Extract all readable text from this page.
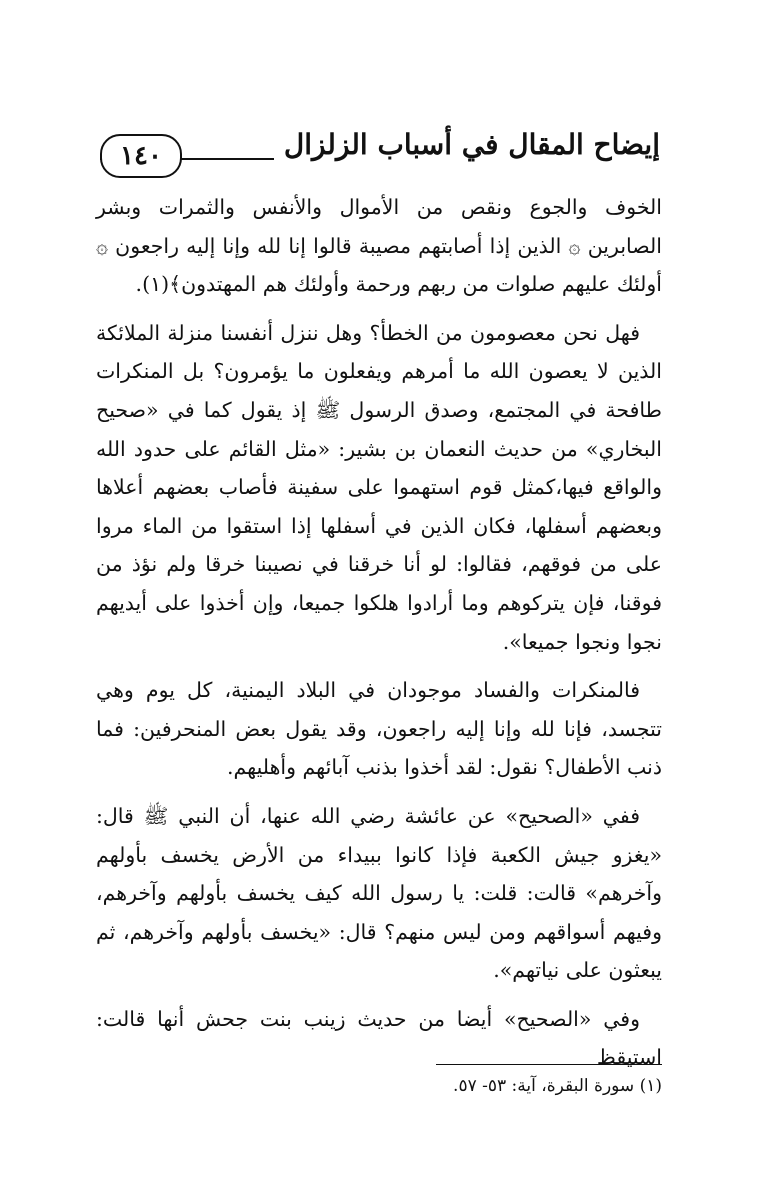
١٤٠	إيضاح المقال في أسباب الزلزال

الخوف والجوع ونقص من الأموال والأنفس والثمرات وبشر الصابرين ۞ الذين إذا أصابتهم مصيبة قالوا إنا لله وإنا إليه راجعون ۞ أولئك عليهم صلوات من ربهم ورحمة وأولئك هم المهتدون﴾(١).

فهل نحن معصومون من الخطأ؟ وهل ننزل أنفسنا منزلة الملائكة الذين لا يعصون الله ما أمرهم ويفعلون ما يؤمرون؟ بل المنكرات طافحة في المجتمع، وصدق الرسول ﷺ إذ يقول كما في «صحيح البخاري» من حديث النعمان بن بشير: «مثل القائم على حدود الله والواقع فيها،كمثل قوم استهموا على سفينة فأصاب بعضهم أعلاها وبعضهم أسفلها، فكان الذين في أسفلها إذا استقوا من الماء مروا على من فوقهم، فقالوا: لو أنا خرقنا في نصيبنا خرقا ولم نؤذ من فوقنا، فإن يتركوهم وما أرادوا هلكوا جميعا، وإن أخذوا على أيديهم نجوا ونجوا جميعا».

فالمنكرات والفساد موجودان في البلاد اليمنية، كل يوم وهي تتجسد، فإنا لله وإنا إليه راجعون، وقد يقول بعض المنحرفين: فما ذنب الأطفال؟ نقول: لقد أخذوا بذنب آبائهم وأهليهم.

ففي «الصحيح» عن عائشة رضي الله عنها، أن النبي ﷺ قال: «يغزو جيش الكعبة فإذا كانوا ببيداء من الأرض يخسف بأولهم وآخرهم» قالت: قلت: يا رسول الله كيف يخسف بأولهم وآخرهم، وفيهم أسواقهم ومن ليس منهم؟ قال: «يخسف بأولهم وآخرهم، ثم يبعثون على نياتهم».

وفي «الصحيح» أيضا من حديث زينب بنت جحش أنها قالت: استيقظ

(١) سورة البقرة، آية: ٥٣- ٥٧.
